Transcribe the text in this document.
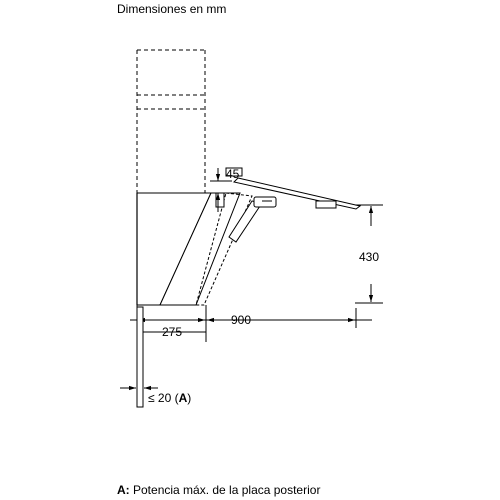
Dimensiones en mm
45
430
275
900
≤ 20 (A)
A: Potencia máx. de la placa posterior
